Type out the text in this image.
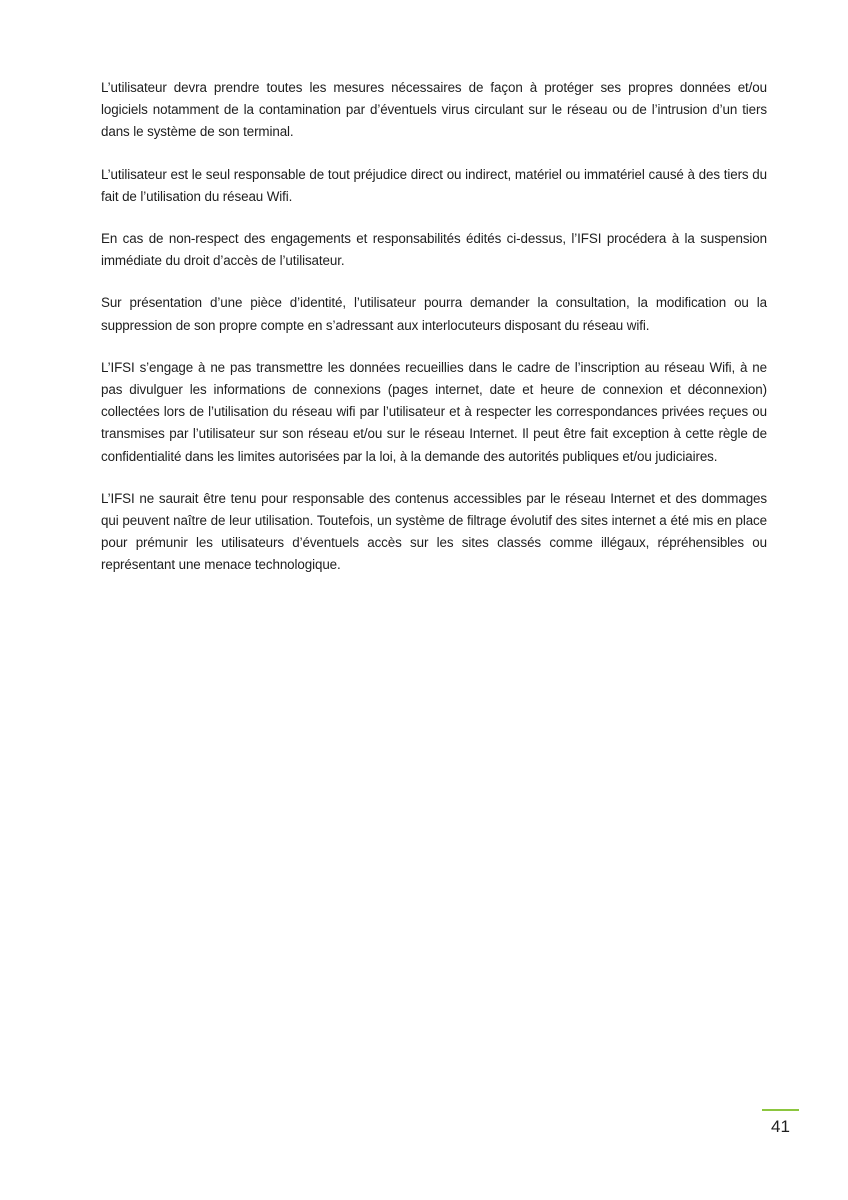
L’utilisateur devra prendre toutes les mesures nécessaires de façon à protéger ses propres données et/ou logiciels notamment de la contamination par d’éventuels virus circulant sur le réseau ou de l’intrusion d’un tiers dans le système de son terminal.

L’utilisateur est le seul responsable de tout préjudice direct ou indirect, matériel ou immatériel causé à des tiers du fait de l’utilisation du réseau Wifi.

En cas de non-respect des engagements et responsabilités édités ci-dessus, l’IFSI procédera à la suspension immédiate du droit d’accès de l’utilisateur.

Sur présentation d’une pièce d’identité, l’utilisateur pourra demander la consultation, la modification ou la suppression de son propre compte en s’adressant aux interlocuteurs disposant du réseau wifi.

L’IFSI s’engage à ne pas transmettre les données recueillies dans le cadre de l’inscription au réseau Wifi, à ne pas divulguer les informations de connexions (pages internet, date et heure de connexion et déconnexion) collectées lors de l’utilisation du réseau wifi par l’utilisateur et à respecter les correspondances privées reçues ou transmises par l’utilisateur sur son réseau et/ou sur le réseau Internet. Il peut être fait exception à cette règle de confidentialité dans les limites autorisées par la loi, à la demande des autorités publiques et/ou judiciaires.

L’IFSI ne saurait être tenu pour responsable des contenus accessibles par le réseau Internet et des dommages qui peuvent naître de leur utilisation. Toutefois, un système de filtrage évolutif des sites internet a été mis en place pour prémunir les utilisateurs d’éventuels accès sur les sites classés comme illégaux, répréhensibles ou représentant une menace technologique.

41
